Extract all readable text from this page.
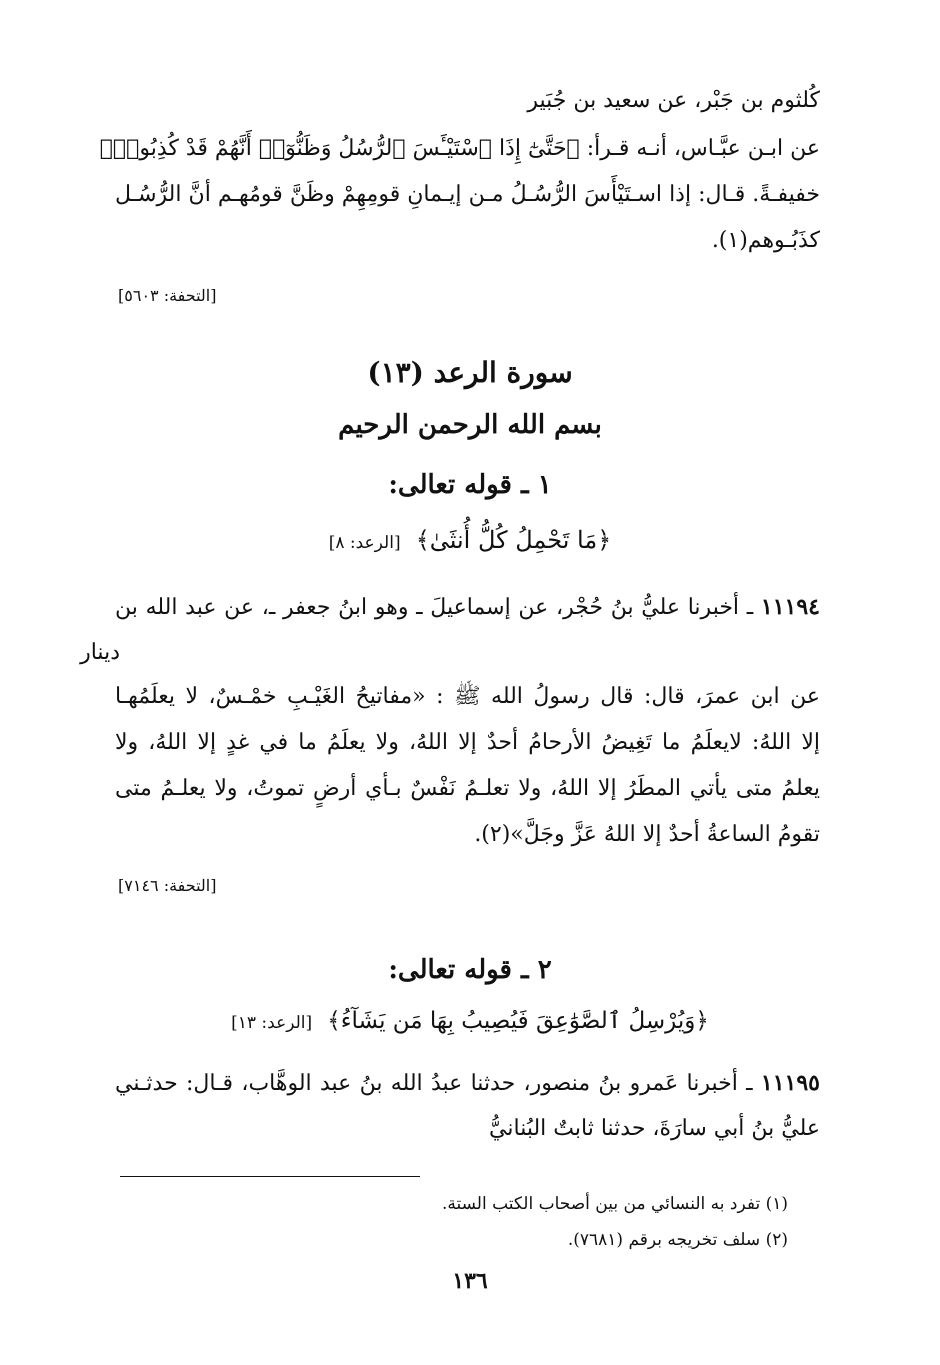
كُلثوم بن جَبْر، عن سعيد بن جُبَير
عن ابـن عبَّـاس، أنـه قـرأ: ﴿حَتَّىٰٓ إِذَا ٱسْتَيْـَٔسَ ٱلرُّسُلُ وَظَنُّوٓا۟ أَنَّهُمْ قَدْ كُذِبُوا۟﴾
خفيفـةً. قـال: إذا اسـتَيْأَسَ الرُّسُـلُ مـن إيـمانِ قومِهِمْ وظَنَّ قومُهـم أنَّ الرُّسُـل
كذَبُـوهم(١).
[التحفة: ٥٦٠٣]
سورة الرعد (١٣)
بسم الله الرحمن الرحيم
١ ـ قوله تعالى:
﴿مَا تَحْمِلُ كُلُّ أُنثَىٰ﴾ [الرعد: ٨]
١١١٩٤ ـ أخبرنا عليُّ بنُ حُجْر، عن إسماعيلَ ـ وهو ابنُ جعفر ـ، عن عبد الله بن
دينار
عن ابن عمرَ، قال: قال رسولُ الله ﷺ : «مفاتيحُ الغَيْـبِ خمْـسٌ، لا يعلَمُهـا
إلا اللهُ: لايعلَمُ ما تَغِيضُ الأرحامُ أحدٌ إلا اللهُ، ولا يعلَمُ ما في غدٍ إلا اللهُ، ولا
يعلمُ متى يأتي المطَرُ إلا اللهُ، ولا تعلـمُ نَفْسٌ بـأي أرضٍ تموتُ، ولا يعلـمُ متى
تقومُ الساعةُ أحدٌ إلا اللهُ عَزَّ وجَلَّ»(٢).
[التحفة: ٧١٤٦]
٢ ـ قوله تعالى:
﴿وَيُرْسِلُ ٱلصَّوَٰعِقَ فَيُصِيبُ بِهَا مَن يَشَآءُ﴾ [الرعد: ١٣]
١١١٩٥ ـ أخبرنا عَمرو بنُ منصور، حدثنا عبدُ الله بنُ عبد الوهَّاب، قـال: حدثـني
عليُّ بنُ أبي سارَةَ، حدثنا ثابتٌ البُنانيُّ
(١) تفرد به النسائي من بين أصحاب الكتب الستة.
(٢) سلف تخريجه برقم (٧٦٨١).
١٣٦
